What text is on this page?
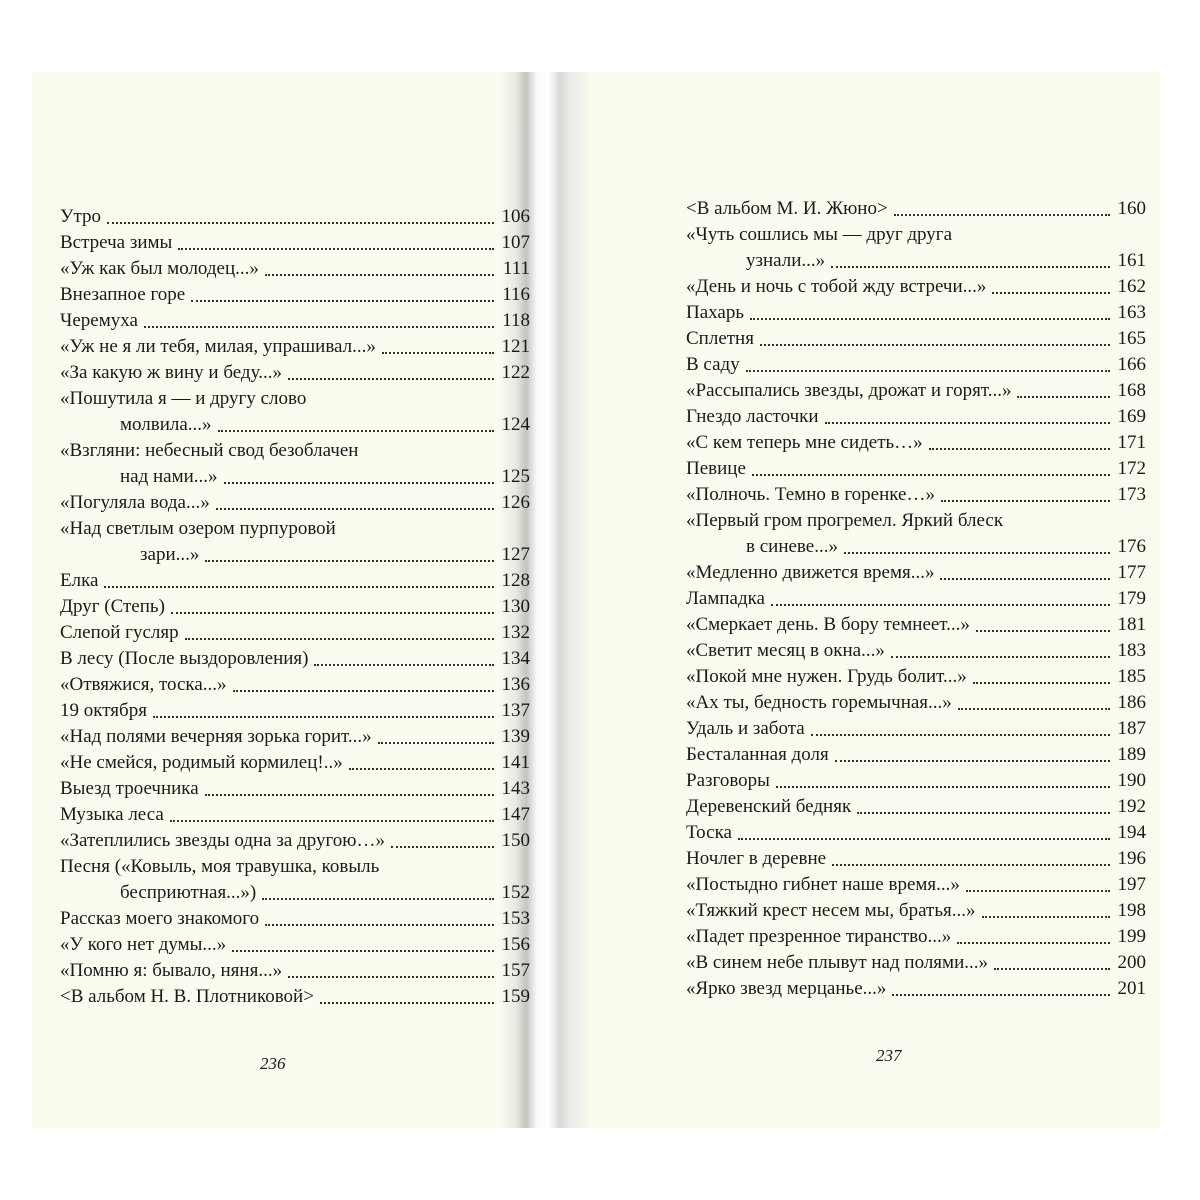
Утро	106
Встреча зимы	107
«Уж как был молодец...»	111
Внезапное горе	116
Черемуха	118
«Уж не я ли тебя, милая, упрашивал...»	121
«За какую ж вину и беду...»	122
«Пошутила я — и другу слово
молвила...»	124
«Взгляни: небесный свод безоблачен
над нами...»	125
«Погуляла вода...»	126
«Над светлым озером пурпуровой
зари...»	127
Елка	128
Друг (Степь)	130
Слепой гусляр	132
В лесу (После выздоровления)	134
«Отвяжися, тоска...»	136
19 октября	137
«Над полями вечерняя зорька горит...»	139
«Не смейся, родимый кормилец!..»	141
Выезд троечника	143
Музыка леса	147
«Затеплились звезды одна за другою…»	150
Песня («Ковыль, моя травушка, ковыль
бесприютная...»)	152
Рассказ моего знакомого	153
«У кого нет думы...»	156
«Помню я: бывало, няня...»	157
<В альбом Н. В. Плотниковой>	159
236
<В альбом М. И. Жюно>	160
«Чуть сошлись мы — друг друга
узнали...»	161
«День и ночь с тобой жду встречи...»	162
Пахарь	163
Сплетня	165
В саду	166
«Рассыпались звезды, дрожат и горят...»	168
Гнездо ласточки	169
«С кем теперь мне сидеть…»	171
Певице	172
«Полночь. Темно в горенке…»	173
«Первый гром прогремел. Яркий блеск
в синеве...»	176
«Медленно движется время...»	177
Лампадка	179
«Смеркает день. В бору темнеет...»	181
«Светит месяц в окна...»	183
«Покой мне нужен. Грудь болит...»	185
«Ах ты, бедность горемычная...»	186
Удаль и забота	187
Бесталанная доля	189
Разговоры	190
Деревенский бедняк	192
Тоска	194
Ночлег в деревне	196
«Постыдно гибнет наше время...»	197
«Тяжкий крест несем мы, братья...»	198
«Падет презренное тиранство...»	199
«В синем небе плывут над полями...»	200
«Ярко звезд мерцанье...»	201
237
